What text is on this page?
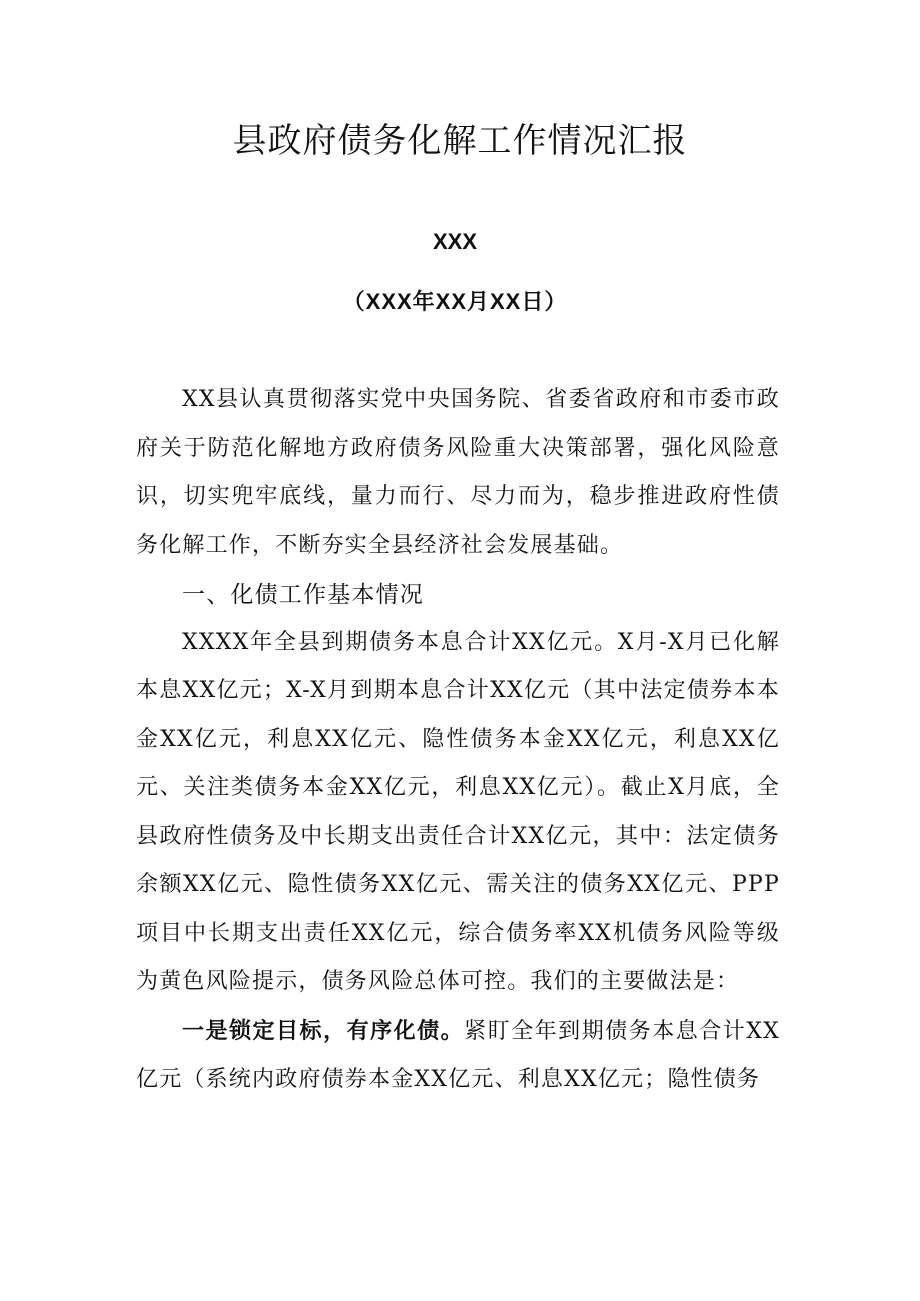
县政府债务化解工作情况汇报
XXX
（XXX年XX月XX日）

XX县认真贯彻落实党中央国务院、省委省政府和市委市政府关于防范化解地方政府债务风险重大决策部署，强化风险意识，切实兜牢底线，量力而行、尽力而为，稳步推进政府性债务化解工作，不断夯实全县经济社会发展基础。

一、化债工作基本情况

XXXX年全县到期债务本息合计XX亿元。X月-X月已化解本息XX亿元；X-X月到期本息合计XX亿元（其中法定债券本本金XX亿元，利息XX亿元、隐性债务本金XX亿元，利息XX亿元、关注类债务本金XX亿元，利息XX亿元）。截止X月底，全县政府性债务及中长期支出责任合计XX亿元，其中：法定债务余额XX亿元、隐性债务XX亿元、需关注的债务XX亿元、PPP项目中长期支出责任XX亿元，综合债务率XX机债务风险等级为黄色风险提示，债务风险总体可控。我们的主要做法是：

一是锁定目标，有序化债。紧盯全年到期债务本息合计XX亿元（系统内政府债券本金XX亿元、利息XX亿元；隐性债务
